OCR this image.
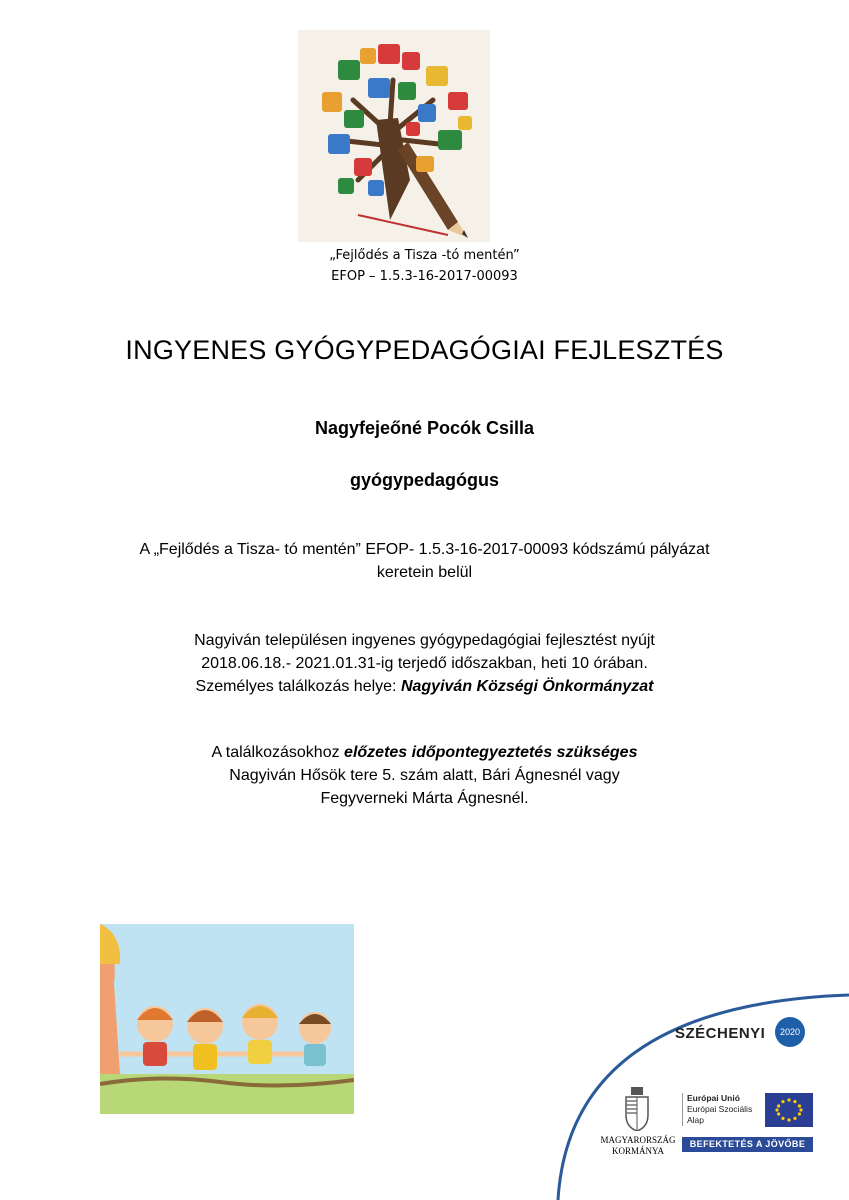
„Fejlődés a Tisza -tó mentén”
EFOP – 1.5.3-16-2017-00093
INGYENES GYÓGYPEDAGÓGIAI FEJLESZTÉS
Nagyfejeőné Pocók Csilla
gyógypedagógus
A „Fejlődés a Tisza- tó mentén” EFOP- 1.5.3-16-2017-00093 kódszámú pályázat
keretein belül
Nagyiván településen ingyenes gyógypedagógiai fejlesztést nyújt
2018.06.18.- 2021.01.31-ig terjedő időszakban, heti 10 órában.
Személyes találkozás helye: Nagyiván Községi Önkormányzat
A találkozásokhoz előzetes időpontegyeztetés szükséges
Nagyiván Hősök tere 5. szám alatt, Bári Ágnesnél vagy
Fegyverneki Márta Ágnesnél.
SZÉCHENYI	2020
MAGYARORSZÁG
KORMÁNYA
Európai Unió
Európai Szociális
Alap
BEFEKTETÉS A JÖVŐBE
